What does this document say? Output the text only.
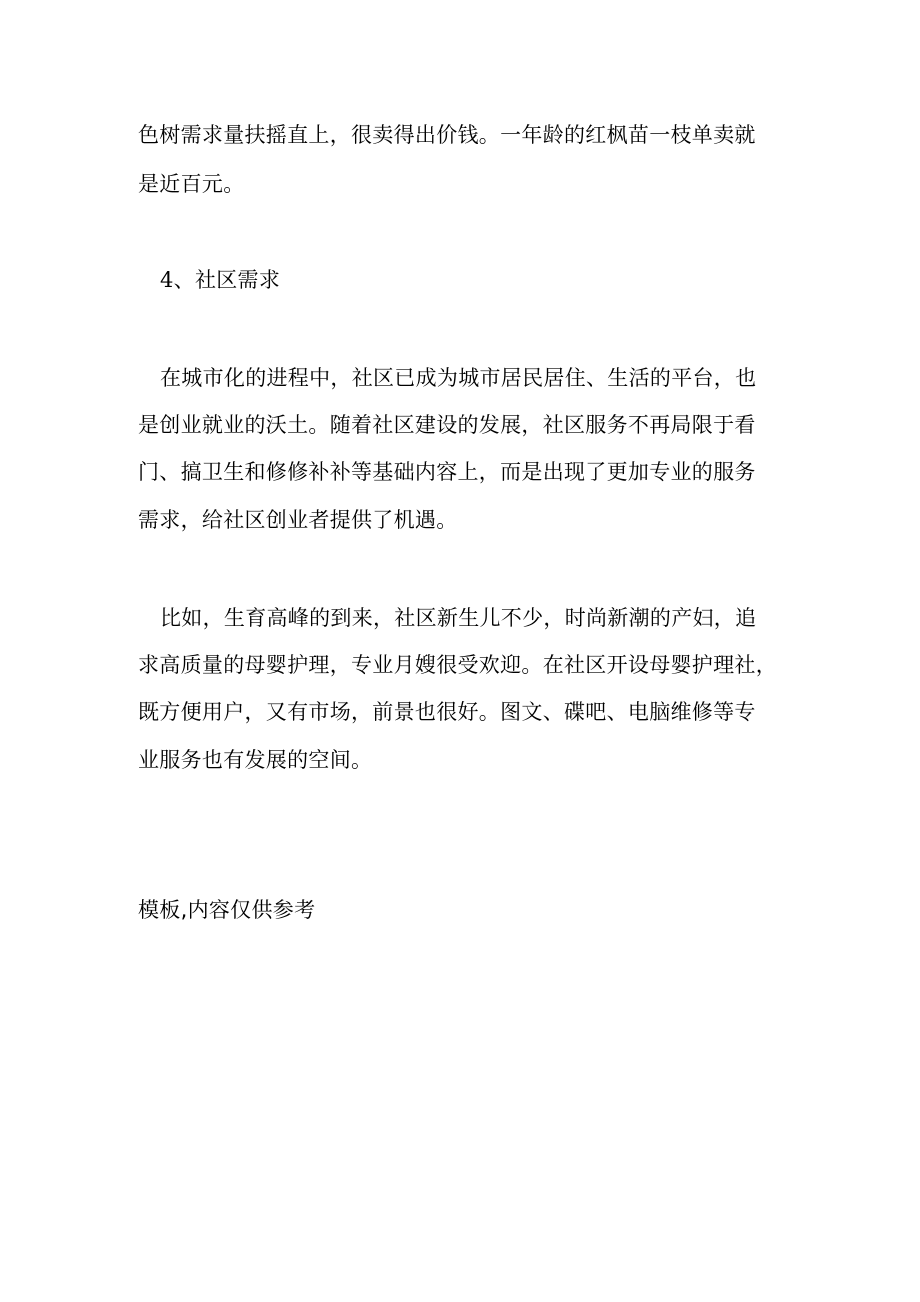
色树需求量扶摇直上，很卖得出价钱。一年龄的红枫苗一枝单卖就
是近百元。
4、社区需求
在城市化的进程中，社区已成为城市居民居住、生活的平台，也
是创业就业的沃土。随着社区建设的发展，社区服务不再局限于看
门、搞卫生和修修补补等基础内容上，而是出现了更加专业的服务
需求，给社区创业者提供了机遇。
比如，生育高峰的到来，社区新生儿不少，时尚新潮的产妇，追
求高质量的母婴护理，专业月嫂很受欢迎。在社区开设母婴护理社，
既方便用户，又有市场，前景也很好。图文、碟吧、电脑维修等专
业服务也有发展的空间。
模板,内容仅供参考
